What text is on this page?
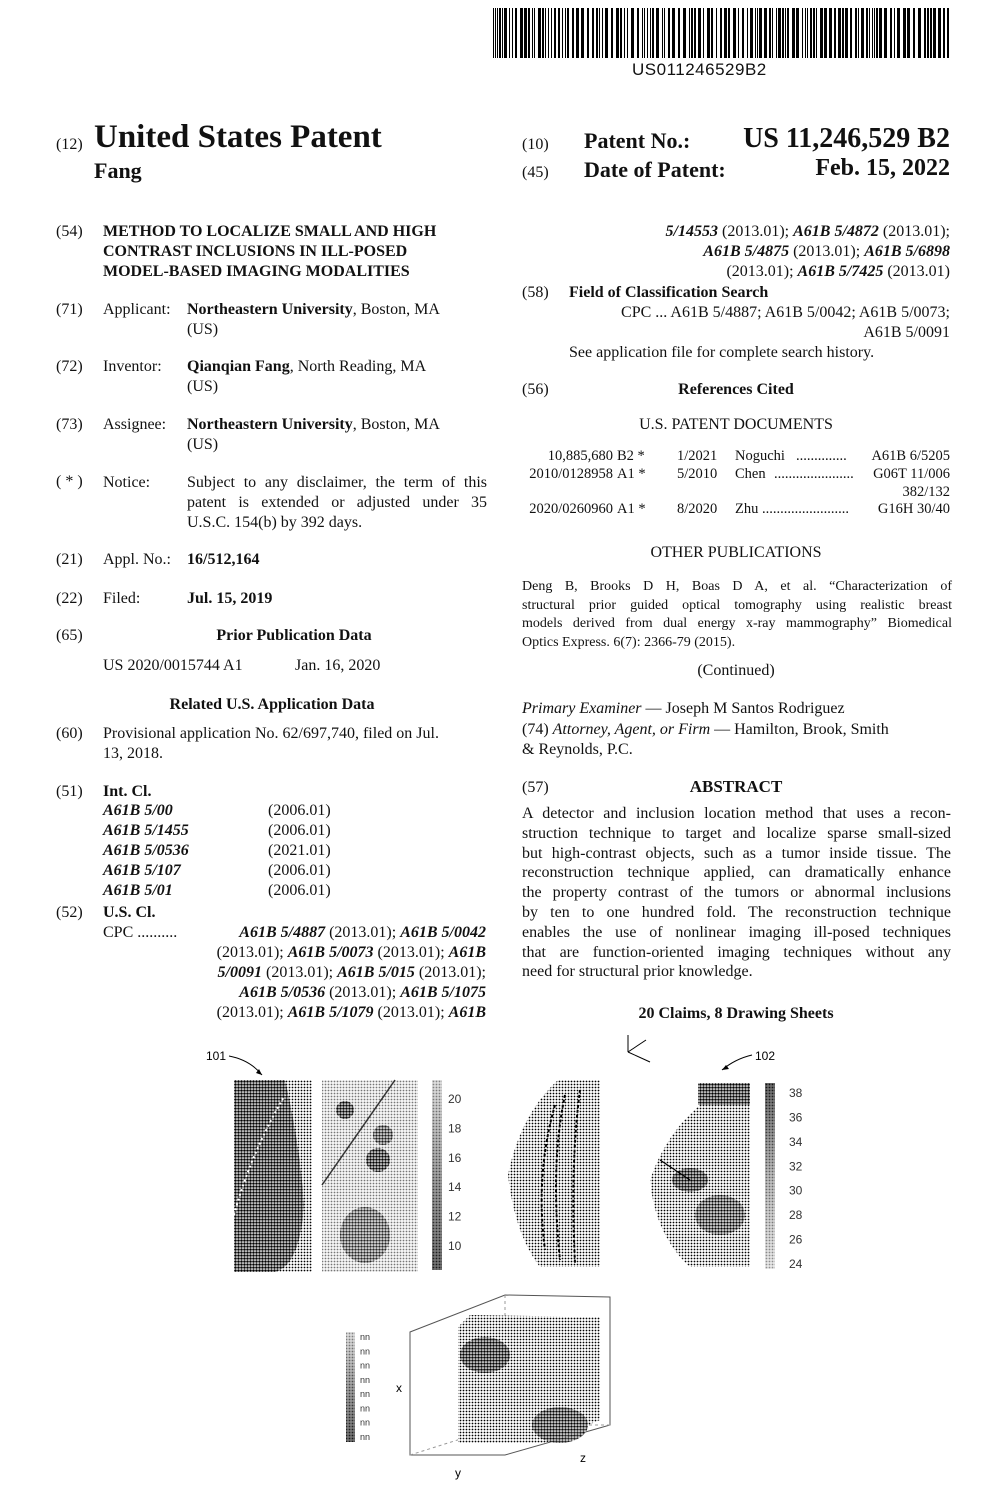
US011246529B2
(12) United States Patent
Fang
(10) Patent No.: US 11,246,529 B2
(45) Date of Patent:	Feb. 15, 2022
(54) METHOD TO LOCALIZE SMALL AND HIGH
CONTRAST INCLUSIONS IN ILL-POSED
MODEL-BASED IMAGING MODALITIES
(71) Applicant: Northeastern University, Boston, MA
(US)
(72) Inventor: Qianqian Fang, North Reading, MA
(US)
(73) Assignee: Northeastern University, Boston, MA
(US)
( * ) Notice: Subject to any disclaimer, the term of this
patent is extended or adjusted under 35
U.S.C. 154(b) by 392 days.
(21) Appl. No.: 16/512,164
(22) Filed:	Jul. 15, 2019
(65)	Prior Publication Data
US 2020/0015744 A1	Jan. 16, 2020
Related U.S. Application Data
(60) Provisional application No. 62/697,740, filed on Jul.
13, 2018.
(51) Int. Cl.
A61B 5/00	(2006.01)
A61B 5/1455	(2006.01)
A61B 5/0536	(2021.01)
A61B 5/107	(2006.01)
A61B 5/01	(2006.01)
(52) U.S. Cl.
CPC ..........	A61B 5/4887 (2013.01); A61B 5/0042
(2013.01); A61B 5/0073 (2013.01); A61B
5/0091 (2013.01); A61B 5/015 (2013.01);
A61B 5/0536 (2013.01); A61B 5/1075
(2013.01); A61B 5/1079 (2013.01); A61B
5/14553 (2013.01); A61B 5/4872 (2013.01);
A61B 5/4875 (2013.01); A61B 5/6898
(2013.01); A61B 5/7425 (2013.01)
(58) Field of Classification Search
CPC ... A61B 5/4887; A61B 5/0042; A61B 5/0073;
A61B 5/0091
See application file for complete search history.
(56)	References Cited
U.S. PATENT DOCUMENTS
10,885,680 B2 * 1/2021 Noguchi .............. A61B 6/5205
2010/0128958 A1 * 5/2010 Chen ...................... G06T 11/006
382/132
2020/0260960 A1 * 8/2020 Zhu ........................ G16H 30/40
OTHER PUBLICATIONS
Deng B, Brooks D H, Boas D A, et al. “Characterization of
structural prior guided optical tomography using realistic breast
models derived from dual energy x-ray mammography” Biomedical
Optics Express. 6(7): 2366-79 (2015).
(Continued)
Primary Examiner — Joseph M Santos Rodriguez
(74) Attorney, Agent, or Firm — Hamilton, Brook, Smith
& Reynolds, P.C.
(57)	ABSTRACT
A detector and inclusion location method that uses a recon-
struction technique to target and localize sparse small-sized
but high-contrast objects, such as a tumor inside tissue. The
reconstruction technique applied, can dramatically enhance
the property contrast of the tumors or abnormal inclusions
by ten to one hundred fold. The reconstruction technique
enables the use of nonlinear imaging ill-posed techniques
that are function-oriented imaging techniques without any
need for structural prior knowledge.
20 Claims, 8 Drawing Sheets
101
20
18
16
14
12
10
102
38
36
34
32
30
28
26
24
x
y
z
nn
nn
nn
nn
nn
nn
nn
nn
